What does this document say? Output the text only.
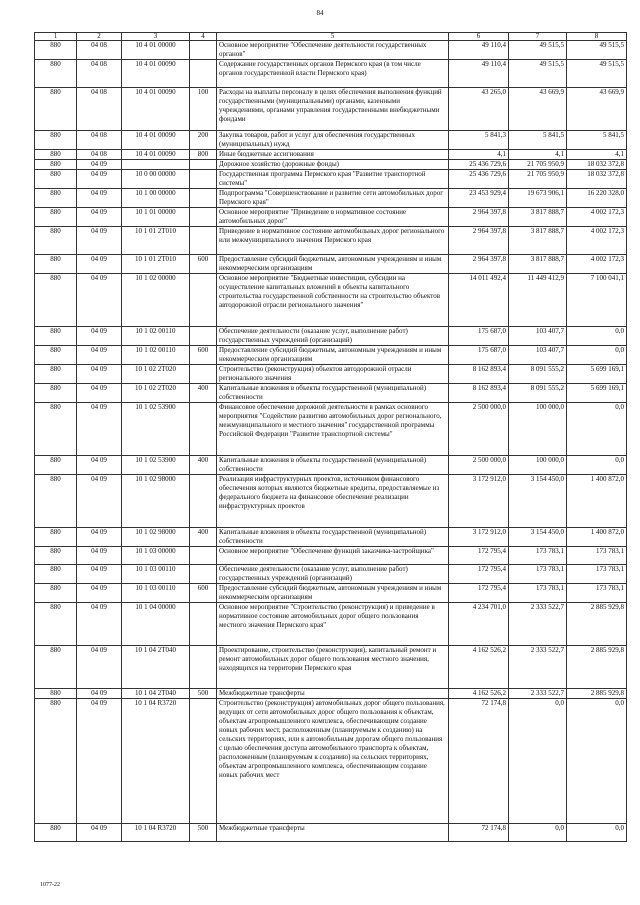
84
1	2	3	4	5	6	7	8
880	04 08	10 4 01 00000		Основное мероприятие "Обеспечение деятельности государственных органов"	49 110,4	49 515,5	49 515,5
880	04 08	10 4 01 00090		Содержание государственных органов Пермского края (в том числе органов государственной власти Пермского края)	49 110,4	49 515,5	49 515,5
880	04 08	10 4 01 00090	100	Расходы на выплаты персоналу в целях обеспечения выполнения функций государственными (муниципальными) органами, казенными учреждениями, органами управления государственными внебюджетными фондами	43 265,0	43 669,9	43 669,9
880	04 08	10 4 01 00090	200	Закупка товаров, работ и услуг для обеспечения государственных (муниципальных) нужд	5 841,3	5 841,5	5 841,5
880	04 08	10 4 01 00090	800	Иные бюджетные ассигнования	4,1	4,1	4,1
880	04 09			Дорожное хозяйство (дорожные фонды)	25 436 729,6	21 705 950,9	18 032 372,8
880	04 09	10 0 00 00000		Государственная программа Пермского края "Развитие транспортной системы"	25 436 729,6	21 705 950,9	18 032 372,8
880	04 09	10 1 00 00000		Подпрограмма "Совершенствование и развитие сети автомобильных дорог Пермского края"	23 453 929,4	19 673 906,1	16 220 328,0
880	04 09	10 1 01 00000		Основное мероприятие "Приведение в нормативное состояние автомобильных дорог"	2 964 397,8	3 817 888,7	4 002 172,3
880	04 09	10 1 01 2Т010		Приведение в нормативное состояние автомобильных дорог регионального или межмуниципального значения Пермского края	2 964 397,8	3 817 888,7	4 002 172,3
880	04 09	10 1 01 2Т010	600	Предоставление субсидий бюджетным, автономным учреждениям и иным некоммерческим организациям	2 964 397,8	3 817 888,7	4 002 172,3
880	04 09	10 1 02 00000		Основное мероприятие "Бюджетные инвестиции, субсидии на осуществление капитальных вложений в объекты капитального строительства государственной собственности на строительство объектов автодорожной отрасли регионального значения"	14 011 492,4	11 449 412,9	7 100 041,1
880	04 09	10 1 02 00110		Обеспечение деятельности (оказание услуг, выполнение работ) государственных учреждений (организаций)	175 687,0	103 407,7	0,0
880	04 09	10 1 02 00110	600	Предоставление субсидий бюджетным, автономным учреждениям и иным некоммерческим организациям	175 687,0	103 407,7	0,0
880	04 09	10 1 02 2Т020		Строительство (реконструкция) объектов автодорожной отрасли регионального значения	8 162 893,4	8 091 555,2	5 699 169,1
880	04 09	10 1 02 2Т020	400	Капитальные вложения в объекты государственной (муниципальной) собственности	8 162 893,4	8 091 555,2	5 699 169,1
880	04 09	10 1 02 53900		Финансовое обеспечение дорожной деятельности в рамках основного мероприятия "Содействие развитию автомобильных дорог регионального, межмуниципального и местного значения" государственной программы Российской Федерации "Развитие транспортной системы"	2 500 000,0	100 000,0	0,0
880	04 09	10 1 02 53900	400	Капитальные вложения в объекты государственной (муниципальной) собственности	2 500 000,0	100 000,0	0,0
880	04 09	10 1 02 98000		Реализация инфраструктурных проектов, источником финансового обеспечения которых являются бюджетные кредиты, предоставляемые из федерального бюджета на финансовое обеспечение реализации инфраструктурных проектов	3 172 912,0	3 154 450,0	1 400 872,0
880	04 09	10 1 02 98000	400	Капитальные вложения в объекты государственной (муниципальной) собственности	3 172 912,0	3 154 450,0	1 400 872,0
880	04 09	10 1 03 00000		Основное мероприятие "Обеспечение функций заказчика-застройщика"	172 795,4	173 783,1	173 783,1
880	04 09	10 1 03 00110		Обеспечение деятельности (оказание услуг, выполнение работ) государственных учреждений (организаций)	172 795,4	173 783,1	173 783,1
880	04 09	10 1 03 00110	600	Предоставление субсидий бюджетным, автономным учреждениям и иным некоммерческим организациям	172 795,4	173 783,1	173 783,1
880	04 09	10 1 04 00000		Основное мероприятие "Строительство (реконструкция) и приведение в нормативное состояние автомобильных дорог общего пользования местного значения Пермского края"	4 234 701,0	2 333 522,7	2 885 929,8
880	04 09	10 1 04 2Т040		Проектирование, строительство (реконструкция), капитальный ремонт и ремонт автомобильных дорог общего пользования местного значения, находящихся на территории Пермского края	4 162 526,2	2 333 522,7	2 885 929,8
880	04 09	10 1 04 2Т040	500	Межбюджетные трансферты	4 162 526,2	2 333 522,7	2 885 929,8
880	04 09	10 1 04 R3720		Строительство (реконструкция) автомобильных дорог общего пользования, ведущих от сети автомобильных дорог общего пользования к объектам, объектам агропромышленного комплекса, обеспечивающим создание новых рабочих мест, расположенным (планируемым к созданию) на сельских территориях, или к автомобильным дорогам общего пользования с целью обеспечения доступа автомобильного транспорта к объектам, расположенным (планируемым к созданию) на сельских территориях, объектам агропромышленного комплекса, обеспечивающим создание новых рабочих мест	72 174,8	0,0	0,0
880	04 09	10 1 04 R3720	500	Межбюджетные трансферты	72 174,8	0,0	0,0
1077-22
